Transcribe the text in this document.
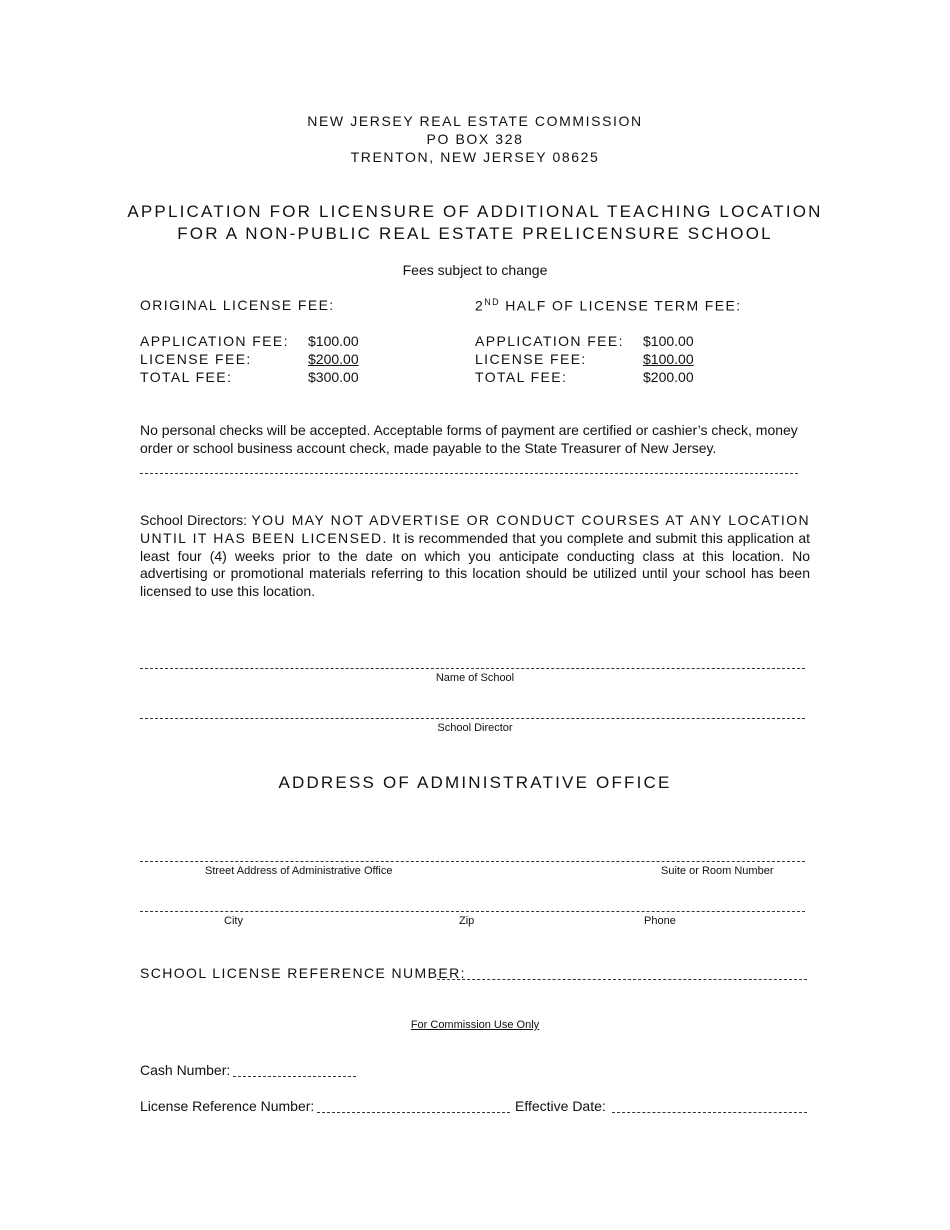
NEW JERSEY REAL ESTATE COMMISSION
PO BOX 328
TRENTON, NEW JERSEY 08625
APPLICATION FOR LICENSURE OF ADDITIONAL TEACHING LOCATION
FOR A NON-PUBLIC REAL ESTATE PRELICENSURE SCHOOL
Fees subject to change
ORIGINAL LICENSE FEE:
APPLICATION FEE: $100.00
LICENSE FEE:	$200.00
TOTAL FEE:	$300.00
2ND HALF OF LICENSE TERM FEE:
APPLICATION FEE: $100.00
LICENSE FEE:	$100.00
TOTAL FEE:	$200.00
No personal checks will be accepted. Acceptable forms of payment are certified or cashier’s check, money order or school business account check, made payable to the State Treasurer of New Jersey.
School Directors: YOU MAY NOT ADVERTISE OR CONDUCT COURSES AT ANY LOCATION UNTIL IT HAS BEEN LICENSED. It is recommended that you complete and submit this application at least four (4) weeks prior to the date on which you anticipate conducting class at this location. No advertising or promotional materials referring to this location should be utilized until your school has been licensed to use this location.
Name of School
School Director
ADDRESS OF ADMINISTRATIVE OFFICE
Street Address of Administrative Office	Suite or Room Number
City	Zip	Phone
SCHOOL LICENSE REFERENCE NUMBER:
For Commission Use Only
Cash Number:
License Reference Number:	Effective Date:
